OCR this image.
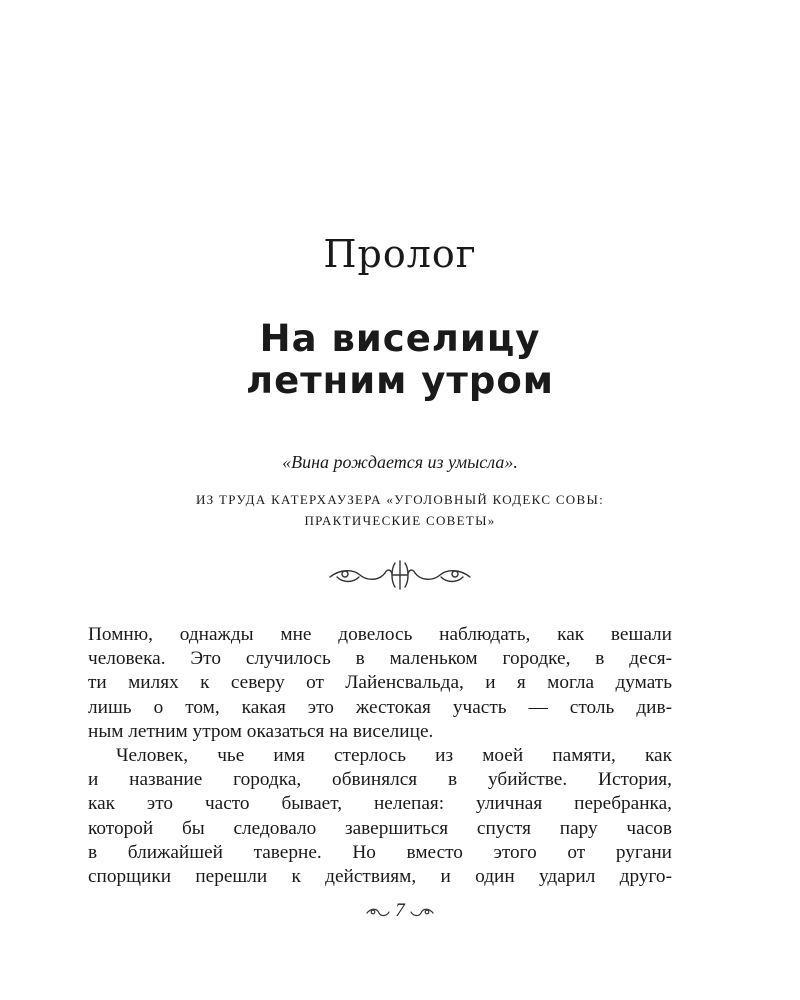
Пролог
На виселицу
летним утром
«Вина рождается из умысла».
ИЗ ТРУДА КАТЕРХАУЗЕРА «УГОЛОВНЫЙ КОДЕКС СОВЫ:
ПРАКТИЧЕСКИЕ СОВЕТЫ»

Помню, однажды мне довелось наблюдать, как вешали
человека. Это случилось в маленьком городке, в деся-
ти милях к северу от Лайенсвальда, и я могла думать
лишь о том, какая это жестокая участь — столь див-
ным летним утром оказаться на виселице.

Человек, чье имя стерлось из моей памяти, как
и название городка, обвинялся в убийстве. История,
как это часто бывает, нелепая: уличная перебранка,
которой бы следовало завершиться спустя пару часов
в ближайшей таверне. Но вместо этого от ругани
спорщики перешли к действиям, и один ударил друго-

7
